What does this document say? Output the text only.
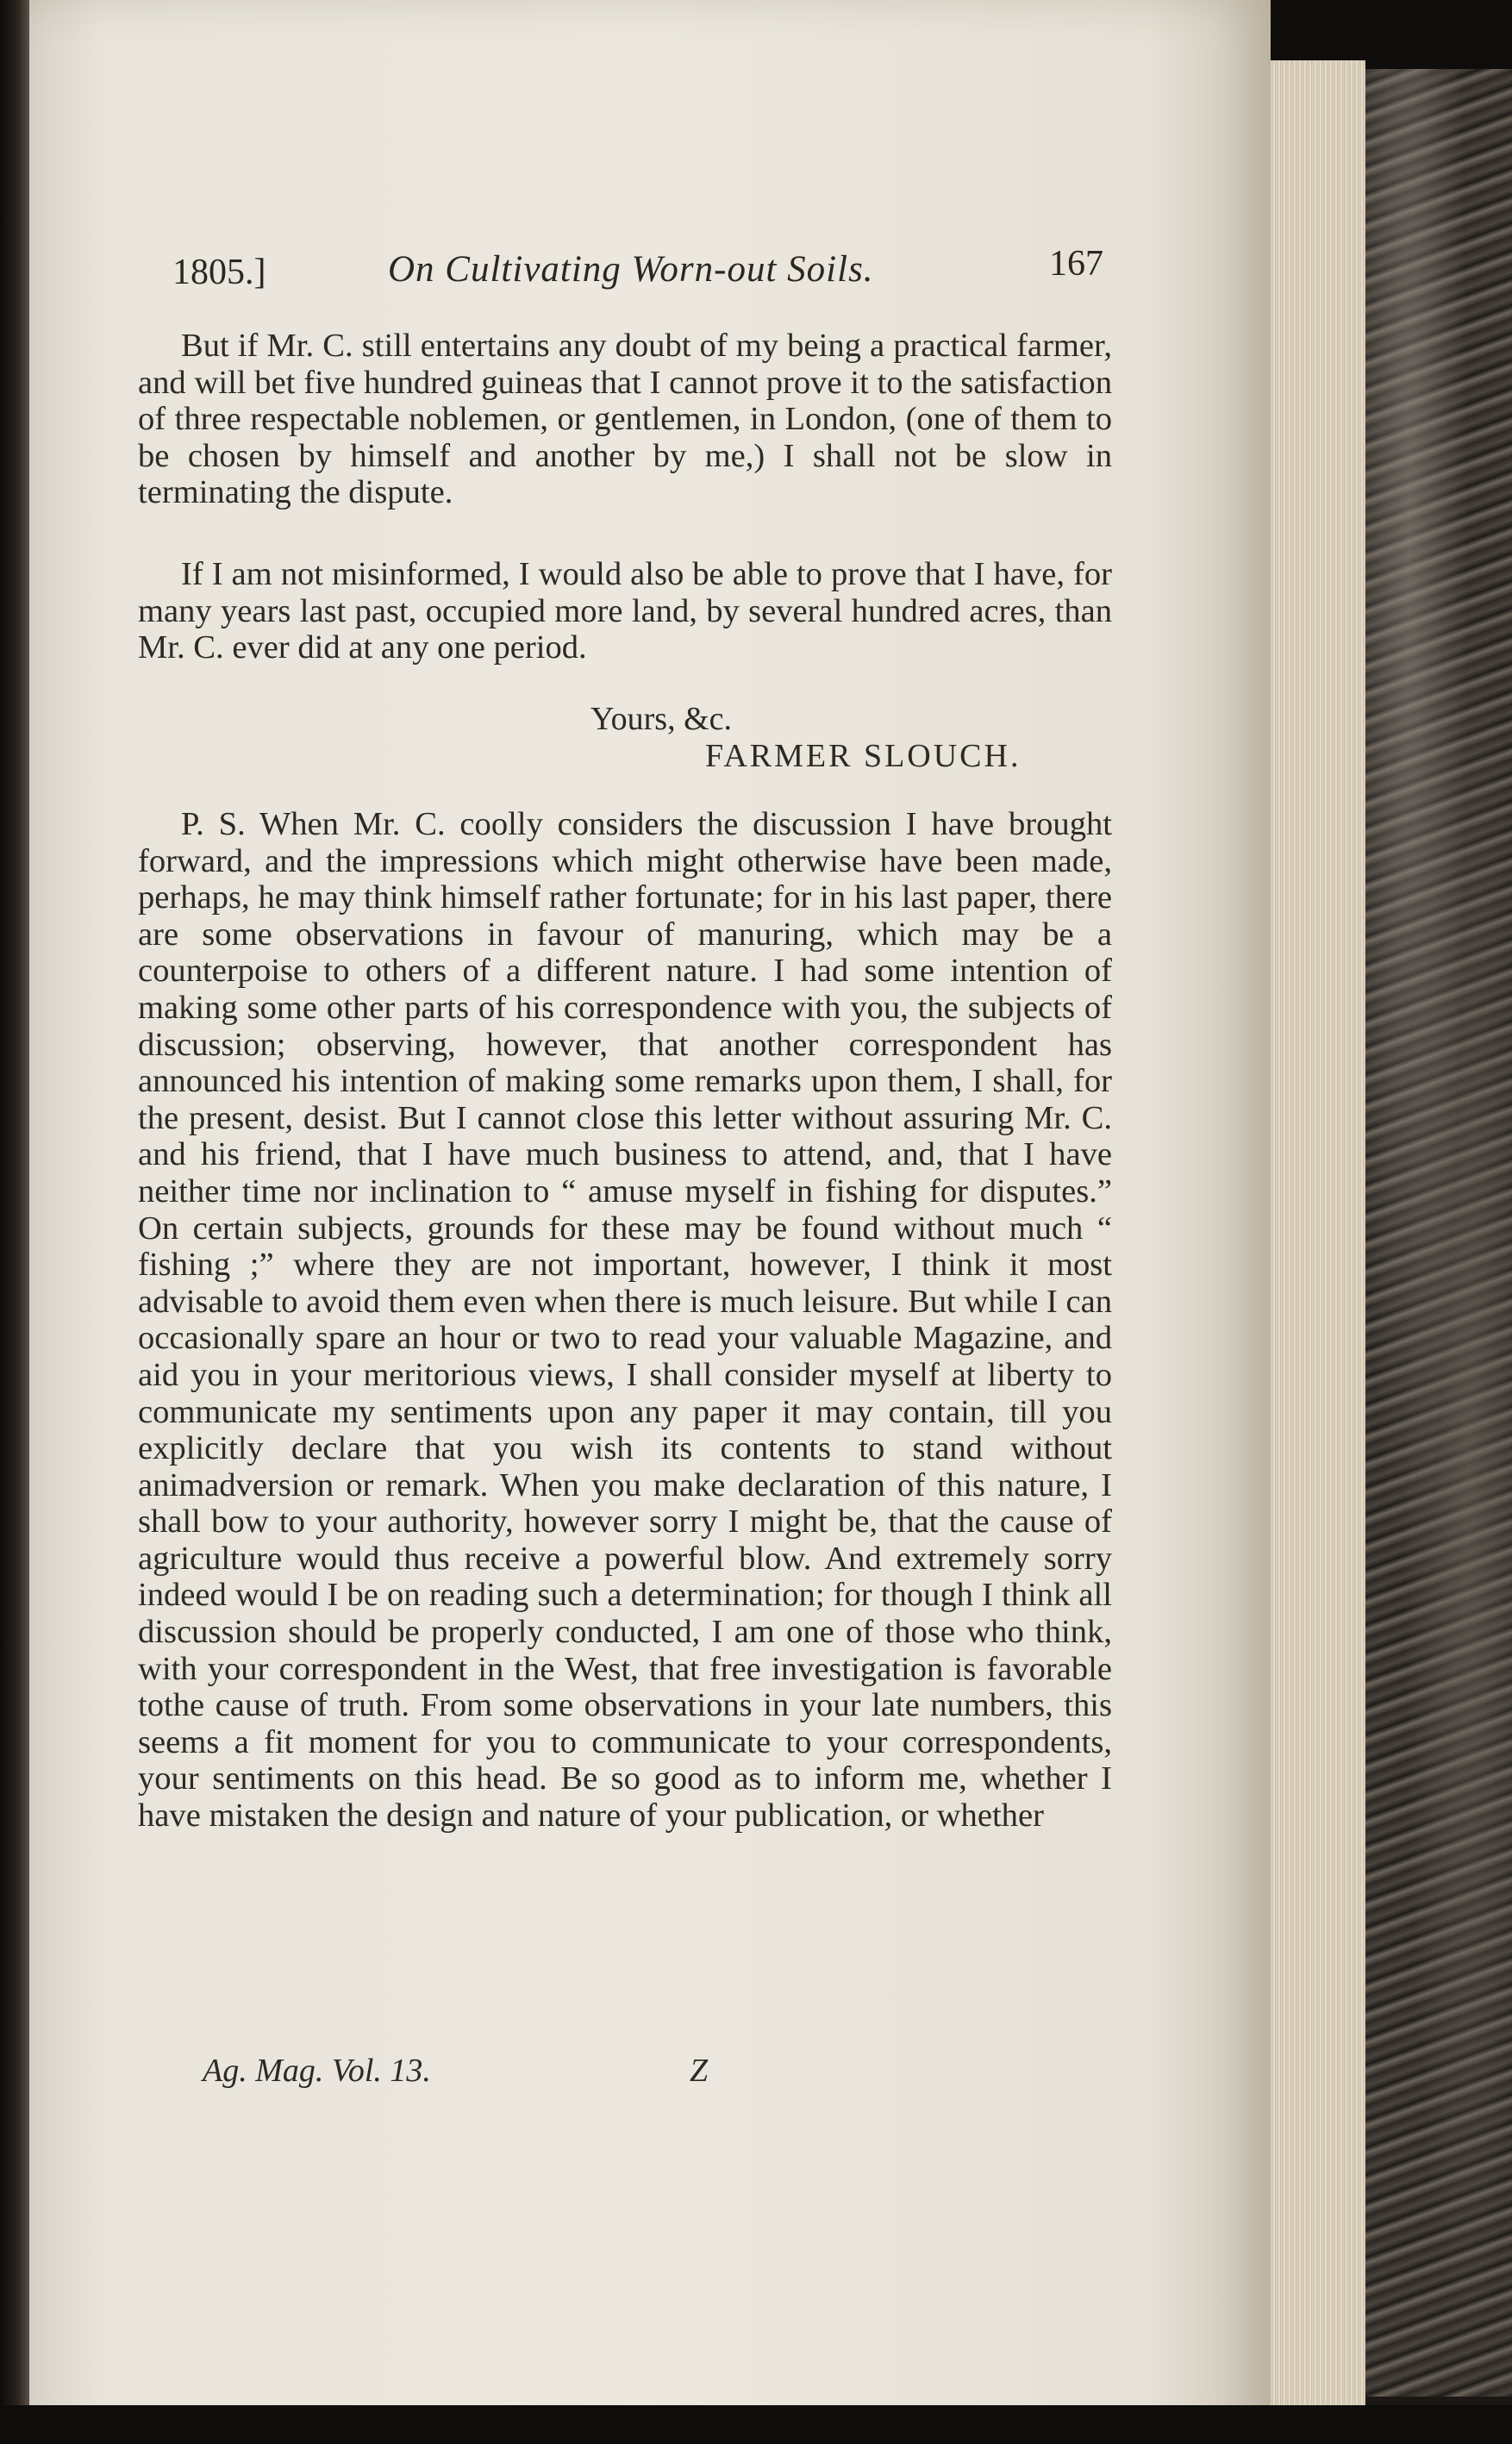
1805.]	On Cultivating Worn-out Soils.	167

But if Mr. C. still entertains any doubt of my being a practical farmer, and will bet five hundred guineas that I cannot prove it to the satisfaction of three respectable noblemen, or gentlemen, in London, (one of them to be chosen by himself and another by me,) I shall not be slow in terminating the dispute.

If I am not misinformed, I would also be able to prove that I have, for many years last past, occupied more land, by several hundred acres, than Mr. C. ever did at any one period.

Yours, &c.
FARMER SLOUCH.

P. S. When Mr. C. coolly considers the discussion I have brought forward, and the impressions which might otherwise have been made, perhaps, he may think himself rather fortunate; for in his last paper, there are some observations in favour of manuring, which may be a counterpoise to others of a different nature. I had some intention of making some other parts of his correspondence with you, the subjects of discussion; observing, however, that another correspondent has announced his intention of making some remarks upon them, I shall, for the present, desist. But I cannot close this letter without assuring Mr. C. and his friend, that I have much business to attend, and, that I have neither time nor inclination to “ amuse myself in fishing for disputes.” On certain subjects, grounds for these may be found without much “ fishing ;” where they are not important, however, I think it most advisable to avoid them even when there is much leisure. But while I can occasionally spare an hour or two to read your valuable Magazine, and aid you in your meritorious views, I shall consider myself at liberty to communicate my sentiments upon any paper it may contain, till you explicitly declare that you wish its contents to stand without animadversion or remark. When you make declaration of this nature, I shall bow to your authority, however sorry I might be, that the cause of agriculture would thus receive a powerful blow. And extremely sorry indeed would I be on reading such a determination; for though I think all discussion should be properly conducted, I am one of those who think, with your correspondent in the West, that free investigation is favorable tothe cause of truth. From some observations in your late numbers, this seems a fit moment for you to communicate to your correspondents, your sentiments on this head. Be so good as to inform me, whether I have mistaken the design and nature of your publication, or whether

Ag. Mag. Vol. 13.	Z
